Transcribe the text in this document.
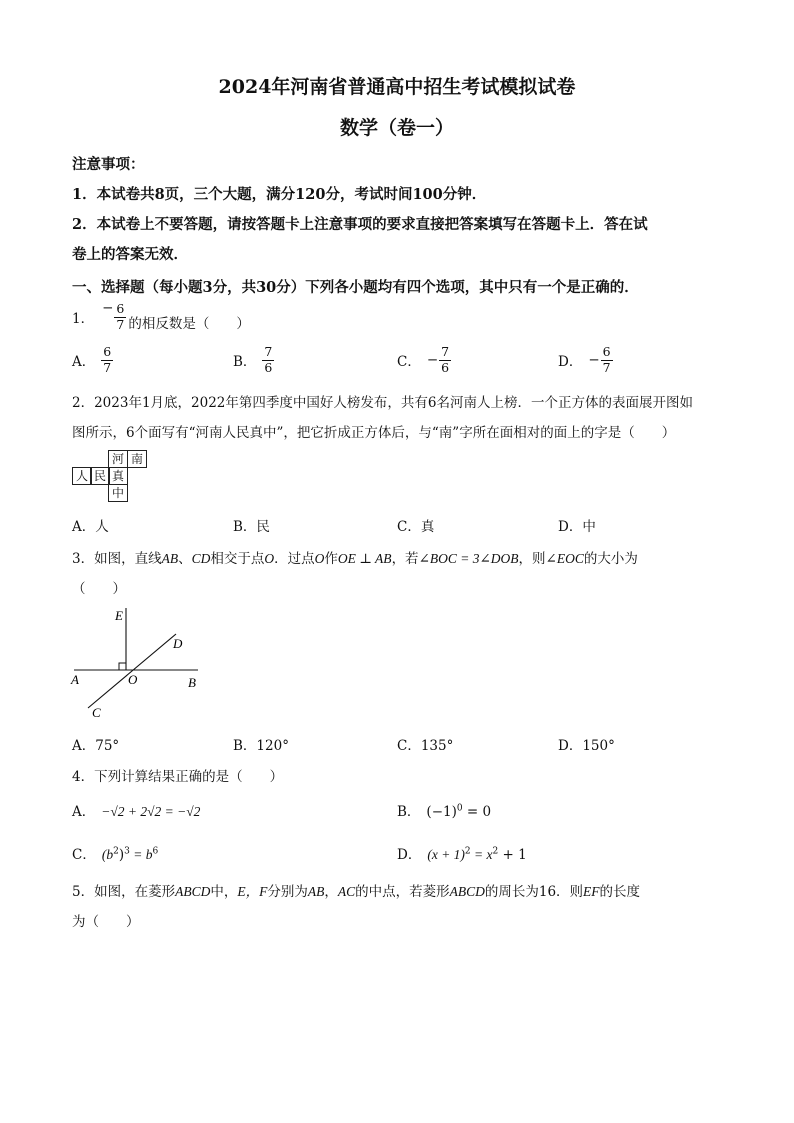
2024年河南省普通高中招生考试模拟试卷
数学（卷一）
注意事项：
1．本试卷共8页，三个大题，满分120分，考试时间100分钟．
2．本试卷上不要答题，请按答题卡上注意事项的要求直接把答案填写在答题卡上．答在试
卷上的答案无效．
一、选择题（每小题3分，共30分）下列各小题均有四个选项，其中只有一个是正确的．
1．
− $\frac{6}{7}$ 的相反数是（　　）
A． $\frac{6}{7}$	B． $\frac{7}{6}$	C． − $\frac{7}{6}$	D． − $\frac{6}{7}$
2．2023年1月底，2022年第四季度中国好人榜发布，共有6名河南人上榜．一个正方体的表面展开图如
图所示，6个面写有“河南人民真中”，把它折成正方体后，与“南”字所在面相对的面上的字是（　　）
河 南
人 民 真
中
A．人	B．民	C．真	D．中
3．如图，直线AB、CD相交于点O．过点O作OE ⊥ AB，若∠BOC = 3∠DOB，则∠EOC的大小为
（　　）
E
D
A	O	B
C
A．75°	B．120°	C．135°	D．150°
4．下列计算结果正确的是（　　）
A． −√2 + 2√2 = −√2	B． $(-1)^0 = 0$
C． $(b^2)^3 = b^6$	D． $(x + 1)^2 = x^2 + 1$
5．如图，在菱形ABCD中，E，F分别为AB，AC的中点，若菱形ABCD的周长为16．则EF的长度
为（　　）
